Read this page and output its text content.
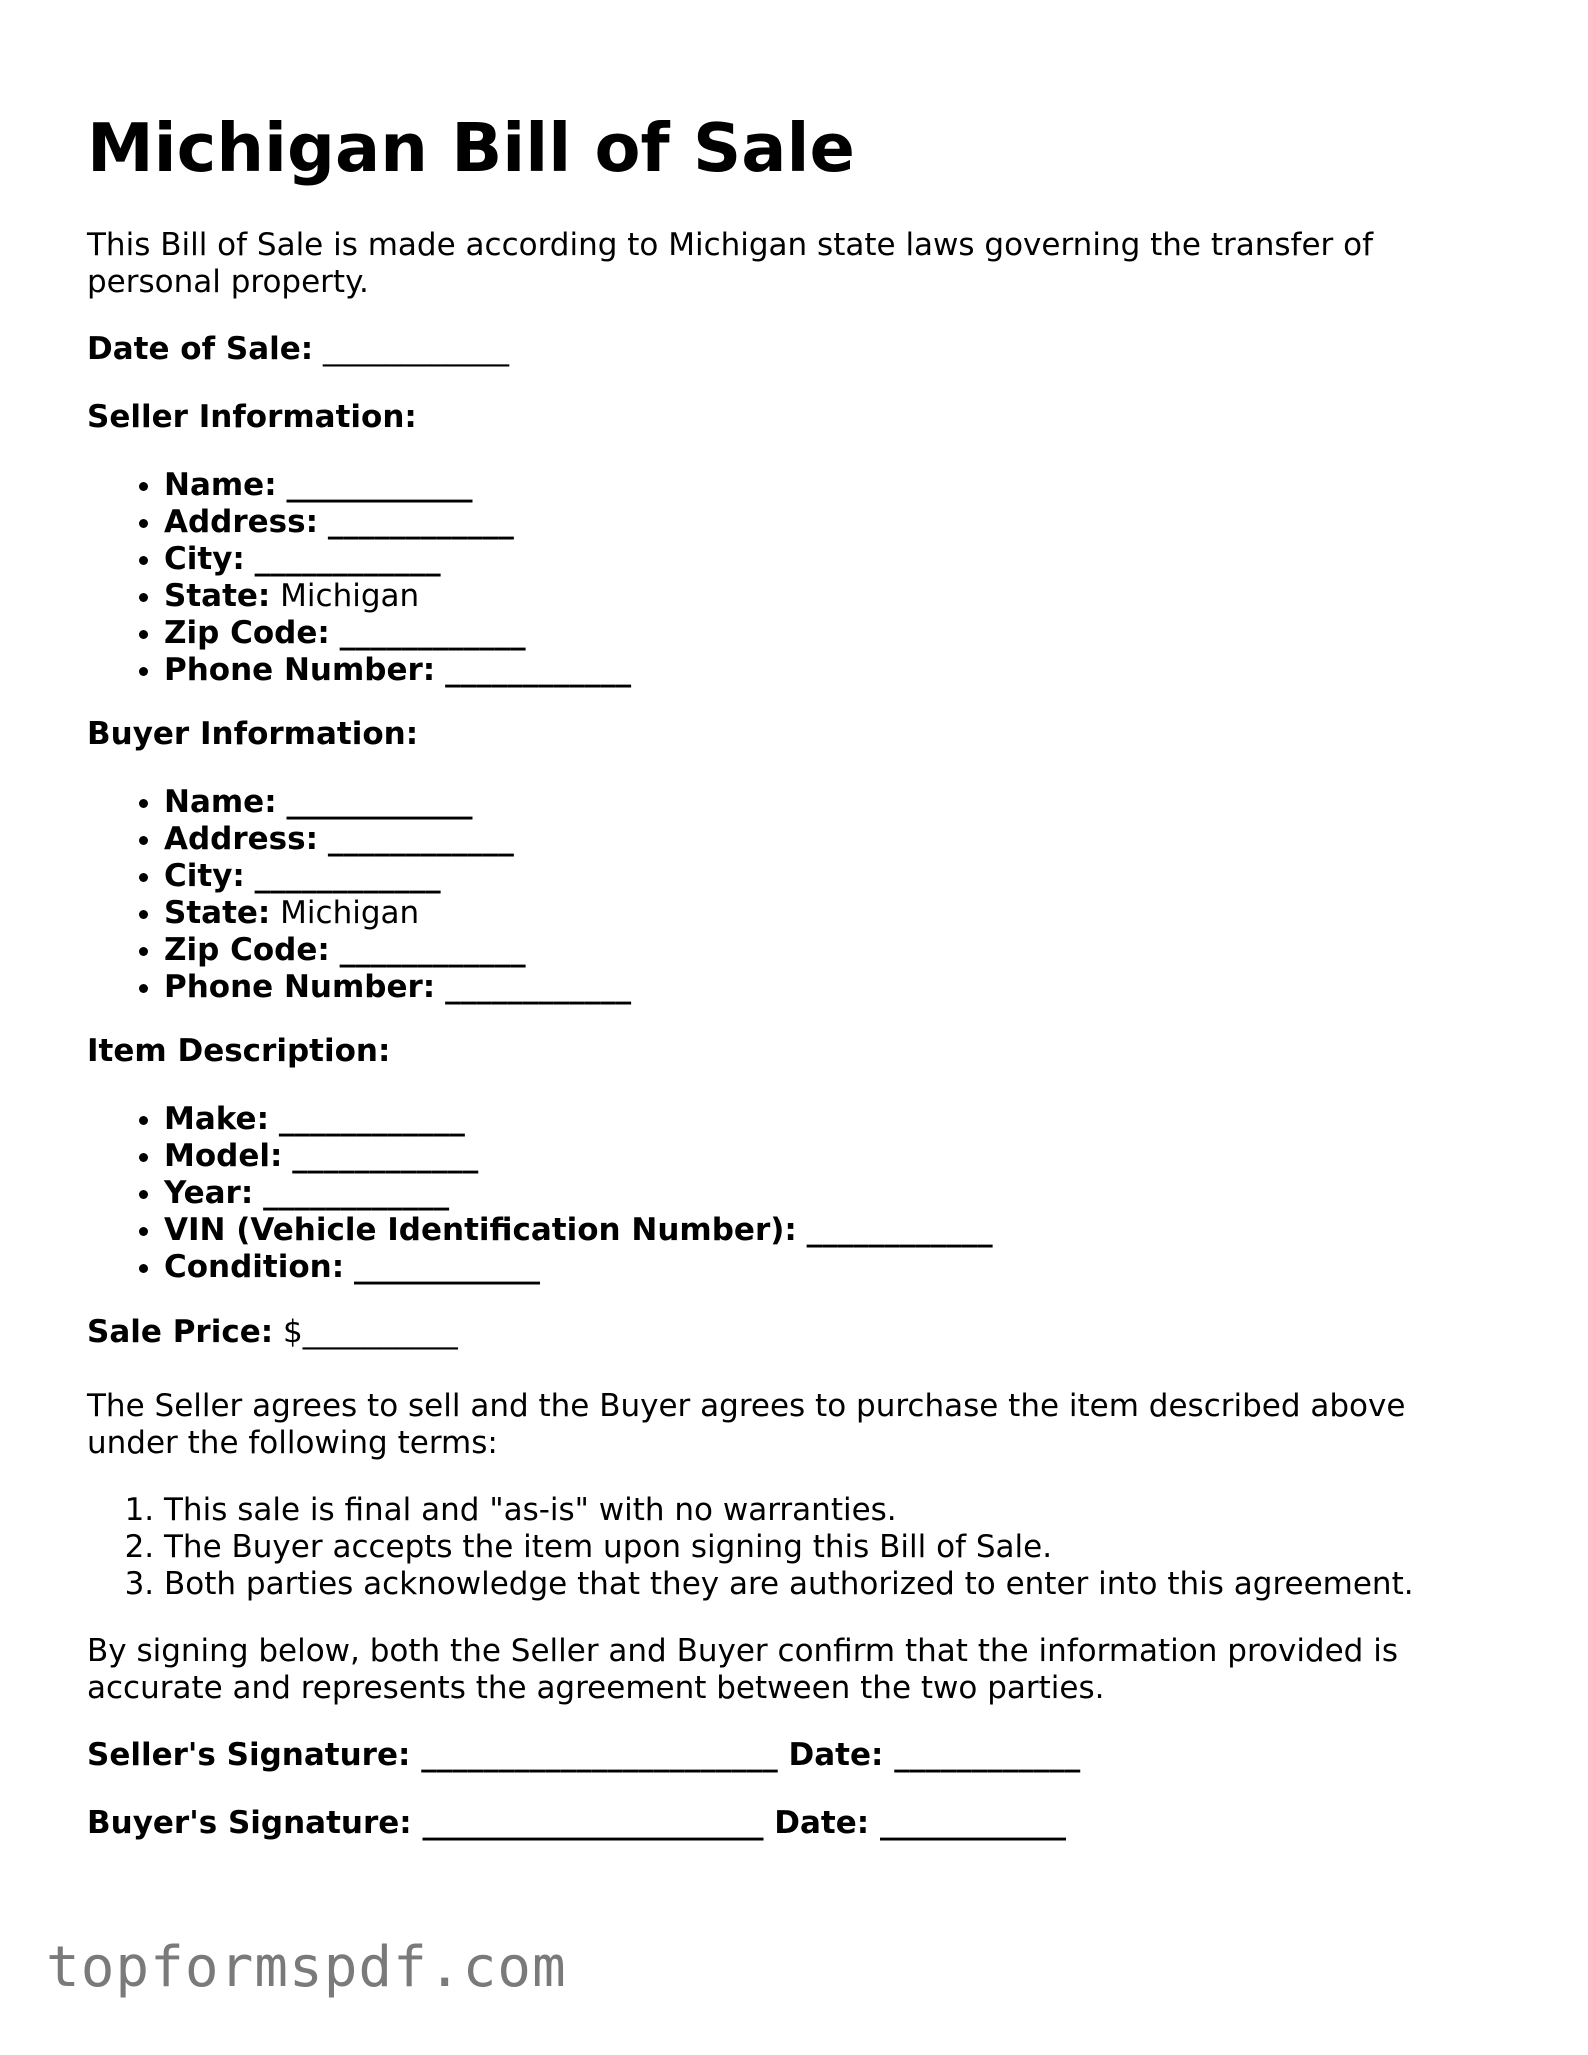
Michigan Bill of Sale

This Bill of Sale is made according to Michigan state laws governing the transfer of personal property.

Date of Sale: ____________
Seller Information:
• Name: ____________
• Address: ____________
• City: ____________
• State: Michigan
• Zip Code: ____________
• Phone Number: ____________
Buyer Information:
• Name: ____________
• Address: ____________
• City: ____________
• State: Michigan
• Zip Code: ____________
• Phone Number: ____________
Item Description:
• Make: ____________
• Model: ____________
• Year: ____________
• VIN (Vehicle Identification Number): ____________
• Condition: ____________
Sale Price: $__________

The Seller agrees to sell and the Buyer agrees to purchase the item described above under the following terms:

1. This sale is final and "as-is" with no warranties.
2. The Buyer accepts the item upon signing this Bill of Sale.
3. Both parties acknowledge that they are authorized to enter into this agreement.

By signing below, both the Seller and Buyer confirm that the information provided is accurate and represents the agreement between the two parties.

Seller's Signature: _______________________ Date: ____________
Buyer's Signature: ______________________ Date: ____________
topformspdf.com
